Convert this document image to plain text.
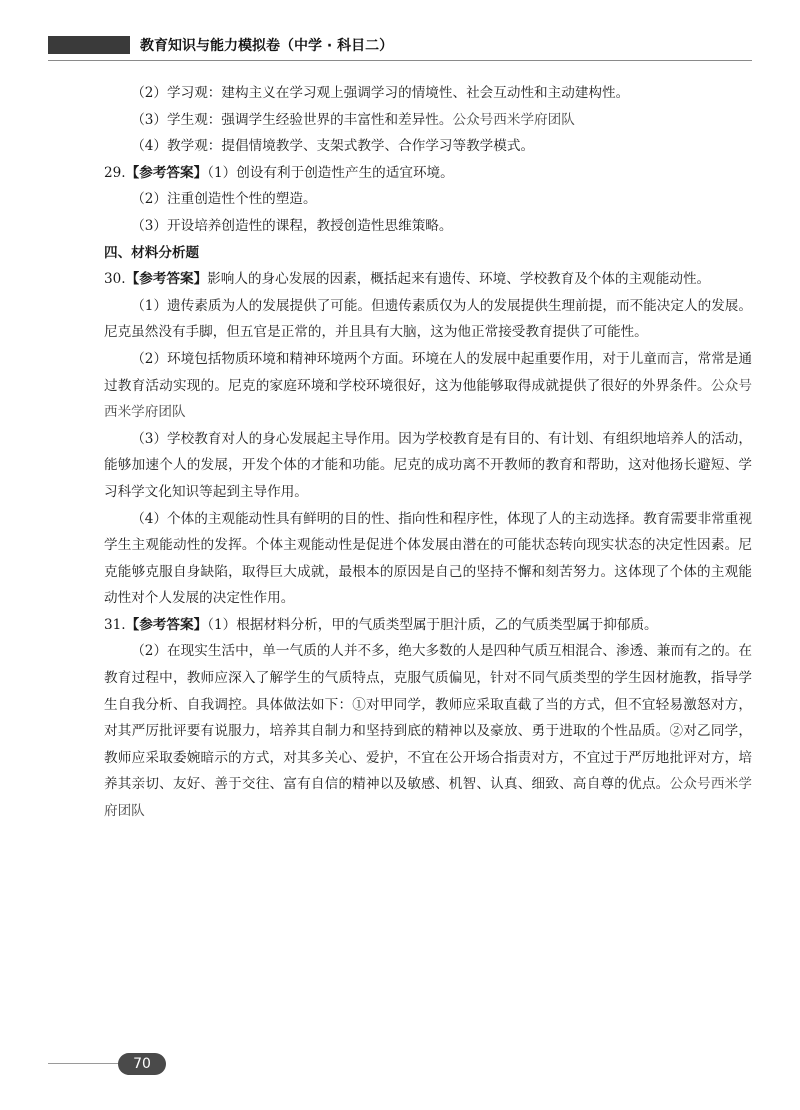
教育知识与能力模拟卷（中学 · 科目二）

（2）学习观：建构主义在学习观上强调学习的情境性、社会互动性和主动建构性。

（3）学生观：强调学生经验世界的丰富性和差异性。公众号西米学府团队

（4）教学观：提倡情境教学、支架式教学、合作学习等教学模式。

29.【参考答案】（1）创设有利于创造性产生的适宜环境。

（2）注重创造性个性的塑造。

（3）开设培养创造性的课程，教授创造性思维策略。

四、材料分析题

30.【参考答案】影响人的身心发展的因素，概括起来有遗传、环境、学校教育及个体的主观能动性。

（1）遗传素质为人的发展提供了可能。但遗传素质仅为人的发展提供生理前提，而不能决定人的发展。尼克虽然没有手脚，但五官是正常的，并且具有大脑，这为他正常接受教育提供了可能性。

（2）环境包括物质环境和精神环境两个方面。环境在人的发展中起重要作用，对于儿童而言，常常是通过教育活动实现的。尼克的家庭环境和学校环境很好，这为他能够取得成就提供了很好的外界条件。公众号西米学府团队

（3）学校教育对人的身心发展起主导作用。因为学校教育是有目的、有计划、有组织地培养人的活动，能够加速个人的发展，开发个体的才能和功能。尼克的成功离不开教师的教育和帮助，这对他扬长避短、学习科学文化知识等起到主导作用。

（4）个体的主观能动性具有鲜明的目的性、指向性和程序性，体现了人的主动选择。教育需要非常重视学生主观能动性的发挥。个体主观能动性是促进个体发展由潜在的可能状态转向现实状态的决定性因素。尼克能够克服自身缺陷，取得巨大成就，最根本的原因是自己的坚持不懈和刻苦努力。这体现了个体的主观能动性对个人发展的决定性作用。

31.【参考答案】（1）根据材料分析，甲的气质类型属于胆汁质，乙的气质类型属于抑郁质。

（2）在现实生活中，单一气质的人并不多，绝大多数的人是四种气质互相混合、渗透、兼而有之的。在教育过程中，教师应深入了解学生的气质特点，克服气质偏见，针对不同气质类型的学生因材施教，指导学生自我分析、自我调控。具体做法如下：①对甲同学，教师应采取直截了当的方式，但不宜轻易激怒对方，对其严厉批评要有说服力，培养其自制力和坚持到底的精神以及豪放、勇于进取的个性品质。②对乙同学，教师应采取委婉暗示的方式，对其多关心、爱护，不宜在公开场合指责对方，不宜过于严厉地批评对方，培养其亲切、友好、善于交往、富有自信的精神以及敏感、机智、认真、细致、高自尊的优点。公众号西米学府团队

70
